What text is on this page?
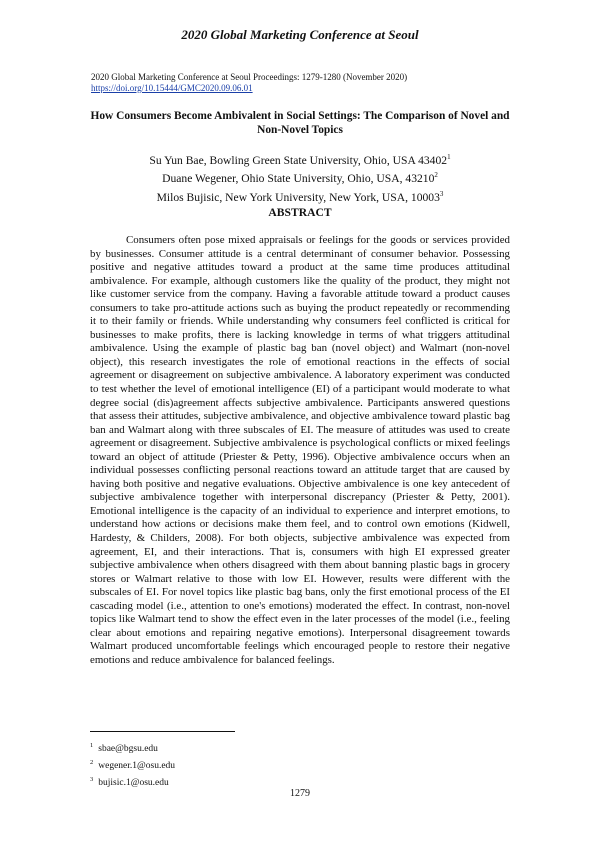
2020 Global Marketing Conference at Seoul
2020 Global Marketing Conference at Seoul Proceedings: 1279-1280 (November 2020)
https://doi.org/10.15444/GMC2020.09.06.01
How Consumers Become Ambivalent in Social Settings: The Comparison of Novel and Non-Novel Topics
Su Yun Bae, Bowling Green State University, Ohio, USA 43402$^1$
Duane Wegener, Ohio State University, Ohio, USA, 43210$^2$
Milos Bujisic, New York University, New York, USA, 10003$^3$
ABSTRACT

Consumers often pose mixed appraisals or feelings for the goods or services provided by businesses. Consumer attitude is a central determinant of consumer behavior. Possessing positive and negative attitudes toward a product at the same time produces attitudinal ambivalence. For example, although customers like the quality of the product, they might not like customer service from the company. Having a favorable attitude toward a product causes consumers to take pro-attitude actions such as buying the product repeatedly or recommending it to their family or friends. While understanding why consumers feel conflicted is critical for businesses to make profits, there is lacking knowledge in terms of what triggers attitudinal ambivalence. Using the example of plastic bag ban (novel object) and Walmart (non-novel object), this research investigates the role of emotional reactions in the effects of social agreement or disagreement on subjective ambivalence. A laboratory experiment was conducted to test whether the level of emotional intelligence (EI) of a participant would moderate to what degree social (dis)agreement affects subjective ambivalence. Participants answered questions that assess their attitudes, subjective ambivalence, and objective ambivalence toward plastic bag ban and Walmart along with three subscales of EI. The measure of attitudes was used to create agreement or disagreement. Subjective ambivalence is psychological conflicts or mixed feelings toward an object of attitude (Priester & Petty, 1996). Objective ambivalence occurs when an individual possesses conflicting personal reactions toward an attitude target that are caused by having both positive and negative evaluations. Objective ambivalence is one key antecedent of subjective ambivalence together with interpersonal discrepancy (Priester & Petty, 2001). Emotional intelligence is the capacity of an individual to experience and interpret emotions, to understand how actions or decisions make them feel, and to control own emotions (Kidwell, Hardesty, & Childers, 2008). For both objects, subjective ambivalence was expected from agreement, EI, and their interactions. That is, consumers with high EI expressed greater subjective ambivalence when others disagreed with them about banning plastic bags in grocery stores or Walmart relative to those with low EI. However, results were different with the subscales of EI. For novel topics like plastic bag bans, only the first emotional process of the EI cascading model (i.e., attention to one's emotions) moderated the effect. In contrast, non-novel topics like Walmart tend to show the effect even in the later processes of the model (i.e., feeling clear about emotions and repairing negative emotions). Interpersonal disagreement towards Walmart produced uncomfortable feelings which encouraged people to restore their negative emotions and reduce ambivalence for balanced feelings.

$^1$ sbae@bgsu.edu
$^2$ wegener.1@osu.edu
$^3$ bujisic.1@osu.edu
1279
